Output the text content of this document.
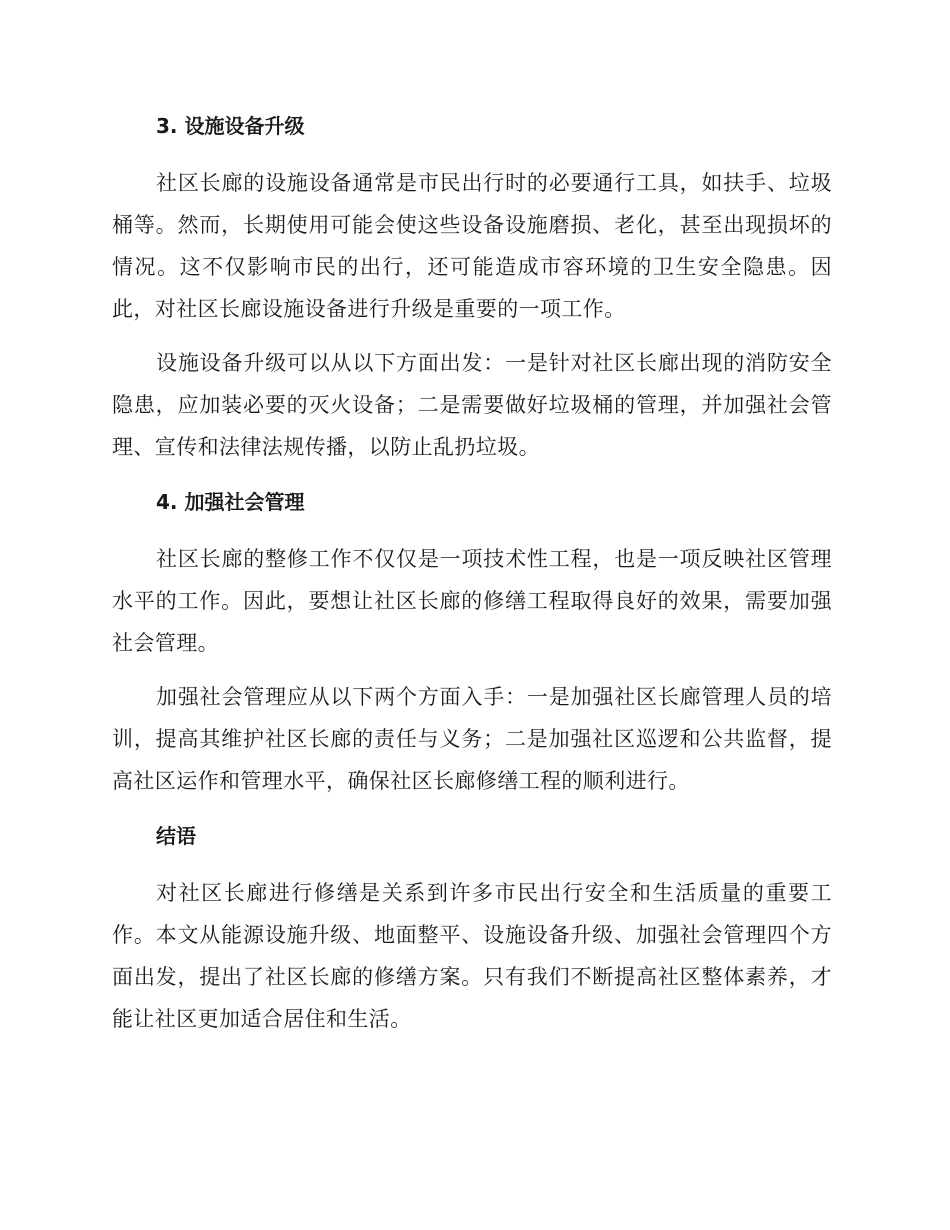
3. 设施设备升级

社区长廊的设施设备通常是市民出行时的必要通行工具，如扶手、垃圾桶等。然而，长期使用可能会使这些设备设施磨损、老化，甚至出现损坏的情况。这不仅影响市民的出行，还可能造成市容环境的卫生安全隐患。因此，对社区长廊设施设备进行升级是重要的一项工作。

设施设备升级可以从以下方面出发：一是针对社区长廊出现的消防安全隐患，应加装必要的灭火设备；二是需要做好垃圾桶的管理，并加强社会管理、宣传和法律法规传播，以防止乱扔垃圾。

4. 加强社会管理

社区长廊的整修工作不仅仅是一项技术性工程，也是一项反映社区管理水平的工作。因此，要想让社区长廊的修缮工程取得良好的效果，需要加强社会管理。

加强社会管理应从以下两个方面入手：一是加强社区长廊管理人员的培训，提高其维护社区长廊的责任与义务；二是加强社区巡逻和公共监督，提高社区运作和管理水平，确保社区长廊修缮工程的顺利进行。

结语

对社区长廊进行修缮是关系到许多市民出行安全和生活质量的重要工作。本文从能源设施升级、地面整平、设施设备升级、加强社会管理四个方面出发，提出了社区长廊的修缮方案。只有我们不断提高社区整体素养，才能让社区更加适合居住和生活。
